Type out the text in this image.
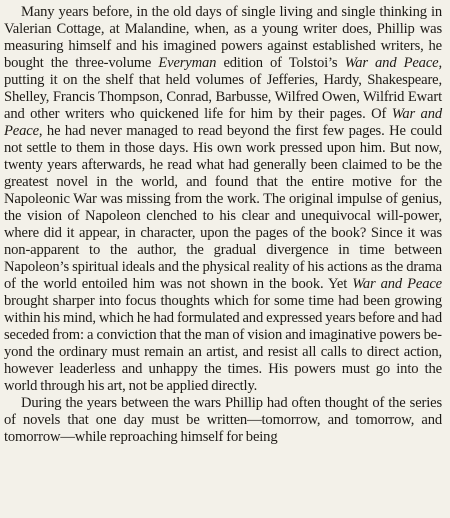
Many years before, in the old days of single living and single thinking in Valerian Cottage, at Malandine, when, as a young writer does, Phillip was measuring himself and his imagined powers against established writers, he bought the three-volume Everyman edition of Tolstoi’s War and Peace, putting it on the shelf that held volumes of Jefferies, Hardy, Shakespeare, Shelley, Francis Thompson, Conrad, Barbusse, Wilfred Owen, Wilfrid Ewart and other writers who quickened life for him by their pages. Of War and Peace, he had never managed to read beyond the first few pages. He could not settle to them in those days. His own work pressed upon him. But now, twenty years afterwards, he read what had generally been claimed to be the greatest novel in the world, and found that the entire motive for the Napoleonic War was missing from the work. The original impulse of genius, the vision of Napoleon clenched to his clear and unequivocal will-power, where did it appear, in character, upon the pages of the book? Since it was non-apparent to the author, the gradual divergence in time between Napoleon’s spiritual ideals and the physical reality of his actions as the drama of the world entoiled him was not shown in the book. Yet War and Peace brought sharper into focus thoughts which for some time had been growing within his mind, which he had formulated and expressed years before and had seceded from: a conviction that the man of vision and imaginative powers beyond the ordinary must remain an artist, and resist all calls to direct action, however leaderless and unhappy the times. His powers must go into the world through his art, not be applied directly.

During the years between the wars Phillip had often thought of the series of novels that one day must be written—tomorrow, and tomorrow, and tomorrow—while reproaching himself for being
